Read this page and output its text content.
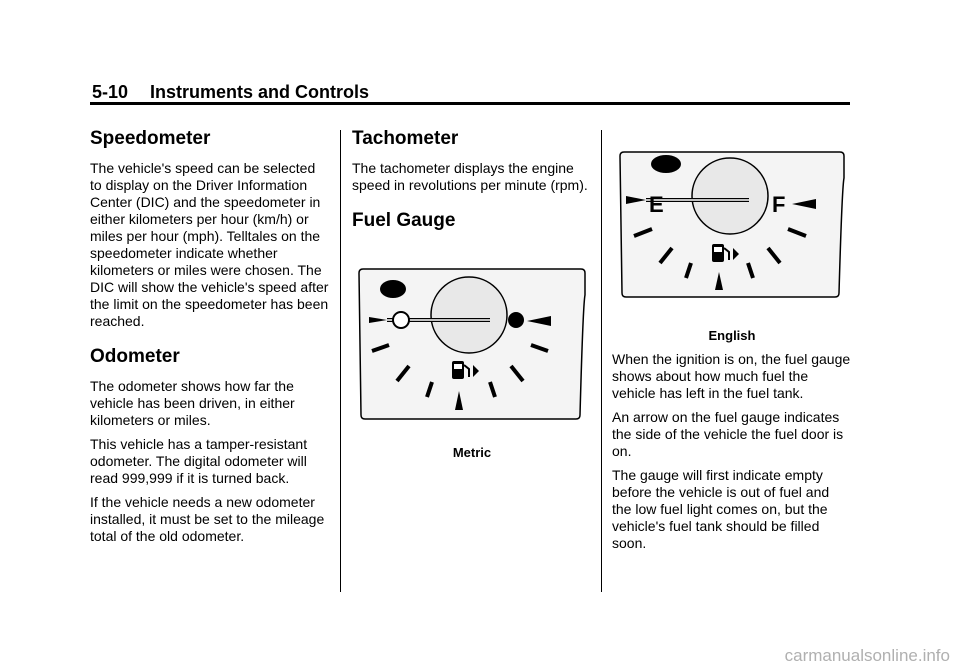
5-10 Instruments and Controls
Speedometer

The vehicle's speed can be selected to display on the Driver Information Center (DIC) and the speedometer in either kilometers per hour (km/h) or miles per hour (mph). Telltales on the speedometer indicate whether kilometers or miles were chosen. The DIC will show the vehicle's speed after the limit on the speedometer has been reached.

Odometer

The odometer shows how far the vehicle has been driven, in either kilometers or miles.

This vehicle has a tamper-resistant odometer. The digital odometer will read 999,999 if it is turned back.

If the vehicle needs a new odometer installed, it must be set to the mileage total of the old odometer.

Tachometer

The tachometer displays the engine speed in revolutions per minute (rpm).

Fuel Gauge
Metric
E	F
English

When the ignition is on, the fuel gauge shows about how much fuel the vehicle has left in the fuel tank.

An arrow on the fuel gauge indicates the side of the vehicle the fuel door is on.

The gauge will first indicate empty before the vehicle is out of fuel and the low fuel light comes on, but the vehicle's fuel tank should be filled soon.

carmanualsonline.info
